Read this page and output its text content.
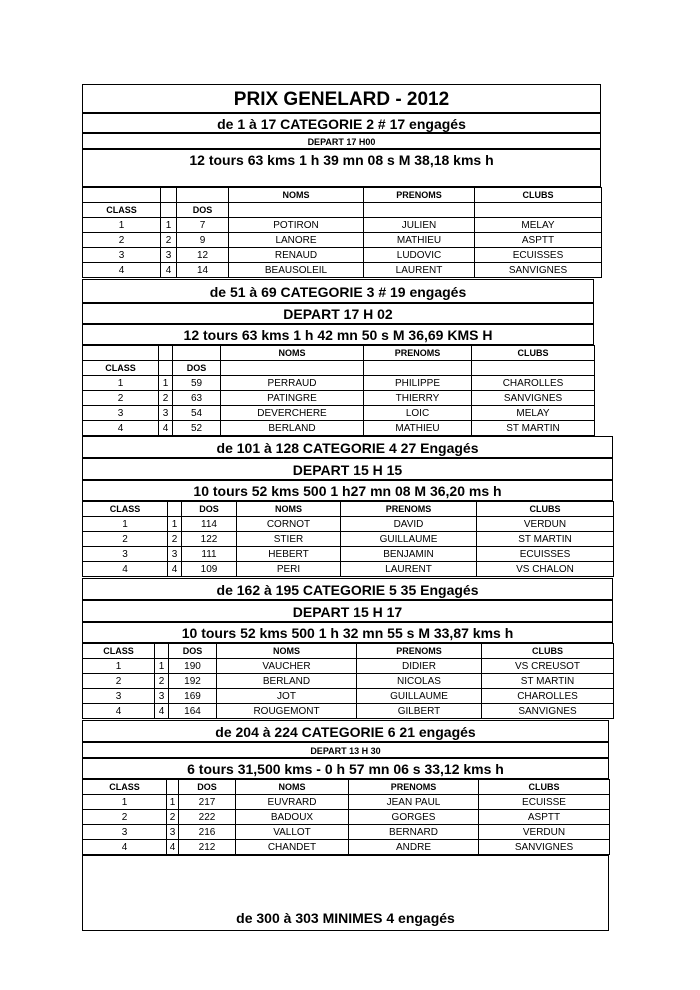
PRIX GENELARD - 2012
de 1 à 17 CATEGORIE 2 # 17 engagés
DEPART 17 H00
12 tours 63 kms 1 h 39 mn 08 s M 38,18 kms h
			NOMS	PRENOMS	CLUBS
CLASS		DOS			
1	1	7	POTIRON	JULIEN	MELAY
2	2	9	LANORE	MATHIEU	ASPTT
3	3	12	RENAUD	LUDOVIC	ECUISSES
4	4	14	BEAUSOLEIL	LAURENT	SANVIGNES
de 51 à 69 CATEGORIE 3 # 19 engagés
DEPART 17 H 02
12 tours 63 kms 1 h 42 mn 50 s M 36,69 KMS H
			NOMS	PRENOMS	CLUBS
CLASS		DOS			
1	1	59	PERRAUD	PHILIPPE	CHAROLLES
2	2	63	PATINGRE	THIERRY	SANVIGNES
3	3	54	DEVERCHERE	LOIC	MELAY
4	4	52	BERLAND	MATHIEU	ST MARTIN
de 101 à 128 CATEGORIE 4 27 Engagés
DEPART 15 H 15
10 tours 52 kms 500 1 h27 mn 08 M 36,20 ms h
CLASS		DOS	NOMS	PRENOMS	CLUBS
1	1	114	CORNOT	DAVID	VERDUN
2	2	122	STIER	GUILLAUME	ST MARTIN
3	3	111	HEBERT	BENJAMIN	ECUISSES
4	4	109	PERI	LAURENT	VS CHALON
de 162 à 195 CATEGORIE 5 35 Engagés
DEPART 15 H 17
10 tours 52 kms 500 1 h 32 mn 55 s M 33,87 kms h
CLASS		DOS	NOMS	PRENOMS	CLUBS
1	1	190	VAUCHER	DIDIER	VS CREUSOT
2	2	192	BERLAND	NICOLAS	ST MARTIN
3	3	169	JOT	GUILLAUME	CHAROLLES
4	4	164	ROUGEMONT	GILBERT	SANVIGNES
de 204 à 224 CATEGORIE 6 21 engagés
DEPART 13 H 30
6 tours 31,500 kms - 0 h 57 mn 06 s 33,12 kms h
CLASS		DOS	NOMS	PRENOMS	CLUBS
1	1	217	EUVRARD	JEAN PAUL	ECUISSE
2	2	222	BADOUX	GORGES	ASPTT
3	3	216	VALLOT	BERNARD	VERDUN
4	4	212	CHANDET	ANDRE	SANVIGNES
de 300 à 303 MINIMES 4 engagés
